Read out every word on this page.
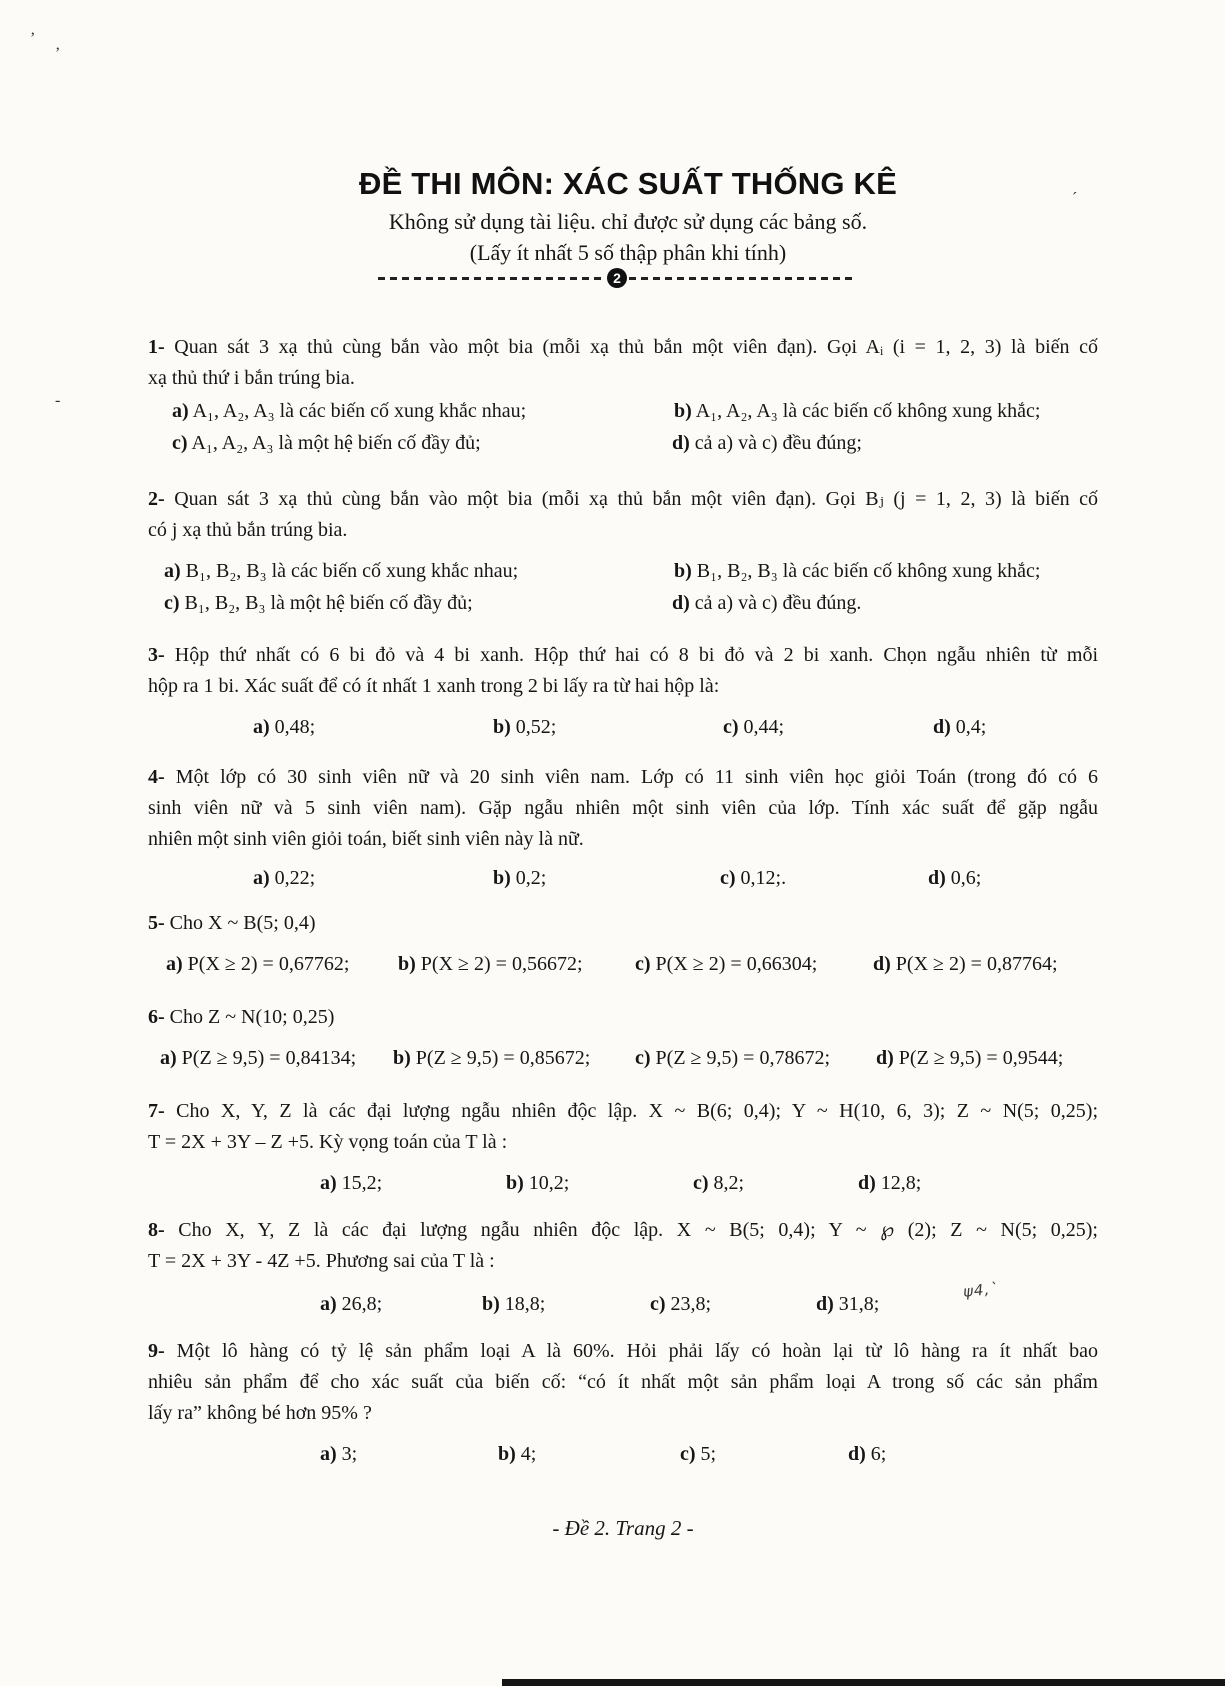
’ ‚
-
´
ĐỀ THI MÔN: XÁC SUẤT THỐNG KÊ
Không sử dụng tài liệu. chỉ được sử dụng các bảng số.
(Lấy ít nhất 5 số thập phân khi tính)
2
1- Quan sát 3 xạ thủ cùng bắn vào một bia (mỗi xạ thủ bắn một viên đạn). Gọi Aᵢ (i = 1, 2, 3) là biến cố
xạ thủ thứ i bắn trúng bia.
a) A₁, A₂, A₃ là các biến cố xung khắc nhau;	b) A₁, A₂, A₃ là các biến cố không xung khắc;
c) A₁, A₂, A₃ là một hệ biến cố đầy đủ;	d) cả a) và c) đều đúng;
2- Quan sát 3 xạ thủ cùng bắn vào một bia (mỗi xạ thủ bắn một viên đạn). Gọi Bⱼ (j = 1, 2, 3) là biến cố
có j xạ thủ bắn trúng bia.
a) B₁, B₂, B₃ là các biến cố xung khắc nhau;	b) B₁, B₂, B₃ là các biến cố không xung khắc;
c) B₁, B₂, B₃ là một hệ biến cố đầy đủ;	d) cả a) và c) đều đúng.
3- Hộp thứ nhất có 6 bi đỏ và 4 bi xanh. Hộp thứ hai có 8 bi đỏ và 2 bi xanh. Chọn ngẫu nhiên từ mỗi
hộp ra 1 bi. Xác suất để có ít nhất 1 xanh trong 2 bi lấy ra từ hai hộp là:
a) 0,48;	b) 0,52;	c) 0,44;	d) 0,4;
4- Một lớp có 30 sinh viên nữ và 20 sinh viên nam. Lớp có 11 sinh viên học giỏi Toán (trong đó có 6
sinh viên nữ và 5 sinh viên nam). Gặp ngẫu nhiên một sinh viên của lớp. Tính xác suất để gặp ngẫu
nhiên một sinh viên giỏi toán, biết sinh viên này là nữ.
a) 0,22;	b) 0,2;	c) 0,12;.	d) 0,6;
5- Cho X ~ B(5; 0,4)
a) P(X ≥ 2) = 0,67762; b) P(X ≥ 2) = 0,56672;	c) P(X ≥ 2) = 0,66304;	d) P(X ≥ 2) = 0,87764;
6- Cho Z ~ N(10; 0,25)
a) P(Z ≥ 9,5) = 0,84134; b) P(Z ≥ 9,5) = 0,85672; c) P(Z ≥ 9,5) = 0,78672; d) P(Z ≥ 9,5) = 0,9544;
7- Cho X, Y, Z là các đại lượng ngẫu nhiên độc lập. X ~ B(6; 0,4); Y ~ H(10, 6, 3); Z ~ N(5; 0,25);
T = 2X + 3Y – Z +5. Kỳ vọng toán của T là :
a) 15,2;	b) 10,2;	c) 8,2;	d) 12,8;
8- Cho X, Y, Z là các đại lượng ngẫu nhiên độc lập. X ~ B(5; 0,4); Y ~ ℘ (2); Z ~ N(5; 0,25);
T = 2X + 3Y - 4Z +5. Phương sai của T là :
a) 26,8;	b) 18,8;	c) 23,8;	d) 31,8;
ψ4,`
9- Một lô hàng có tỷ lệ sản phẩm loại A là 60%. Hỏi phải lấy có hoàn lại từ lô hàng ra ít nhất bao
nhiêu sản phẩm để cho xác suất của biến cố: “có ít nhất một sản phẩm loại A trong số các sản phẩm
lấy ra” không bé hơn 95% ?
a) 3;	b) 4;	c) 5;	d) 6;
- Đề 2. Trang 2 -
